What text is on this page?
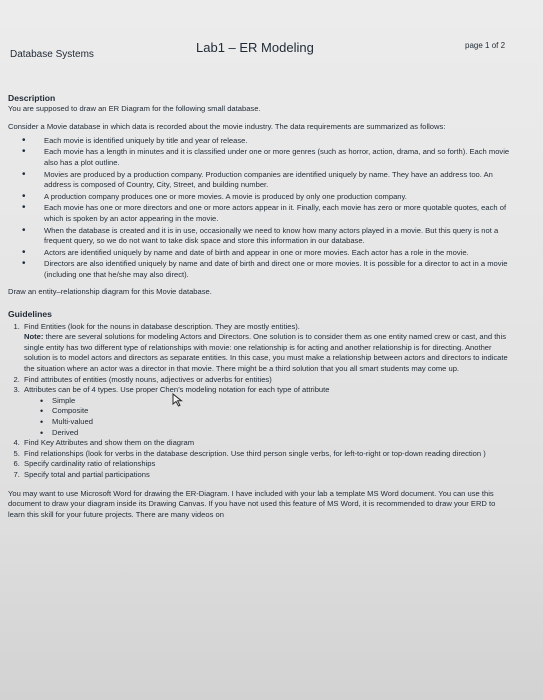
Database Systems	Lab1 – ER Modeling	page 1 of 2

Description

You are supposed to draw an ER Diagram for the following small database.

Consider a Movie database in which data is recorded about the movie industry. The data requirements are summarized as follows:

• Each movie is identified uniquely by title and year of release.
• Each movie has a length in minutes and it is classified under one or more genres (such as horror, action, drama, and so forth). Each movie also has a plot outline.
• Movies are produced by a production company. Production companies are identified uniquely by name. They have an address too. An address is composed of Country, City, Street, and building number.
• A production company produces one or more movies. A movie is produced by only one production company.
• Each movie has one or more directors and one or more actors appear in it. Finally, each movie has zero or more quotable quotes, each of which is spoken by an actor appearing in the movie.
• When the database is created and it is in use, occasionally we need to know how many actors played in a movie. But this query is not a frequent query, so we do not want to take disk space and store this information in our database.
• Actors are identified uniquely by name and date of birth and appear in one or more movies. Each actor has a role in the movie.
• Directors are also identified uniquely by name and date of birth and direct one or more movies. It is possible for a director to act in a movie (including one that he/she may also direct).

Draw an entity–relationship diagram for this Movie database.

Guidelines

1. Find Entities (look for the nouns in database description. They are mostly entities).
Note: there are several solutions for modeling Actors and Directors. One solution is to consider them as one entity named crew or cast, and this single entity has two different type of relationships with movie: one relationship is for acting and another relationship is for directing. Another solution is to model actors and directors as separate entities. In this case, you must make a relationship between actors and directors to indicate the situation where an actor was a director in that movie. There might be a third solution that you all smart students may come up.
2. Find attributes of entities (mostly nouns, adjectives or adverbs for entities)
3. Attributes can be of 4 types. Use proper Chen’s modeling notation for each type of attribute
• Simple
• Composite
• Multi-valued
• Derived
4. Find Key Attributes and show them on the diagram
5. Find relationships (look for verbs in the database description. Use third person single verbs, for left-to-right or top-down reading direction )
6. Specify cardinality ratio of relationships
7. Specify total and partial participations

You may want to use Microsoft Word for drawing the ER-Diagram. I have included with your lab a template MS Word document. You can use this document to draw your diagram inside its Drawing Canvas. If you have not used this feature of MS Word, it is recommended to draw your ERD to learn this skill for your future projects. There are many videos on
